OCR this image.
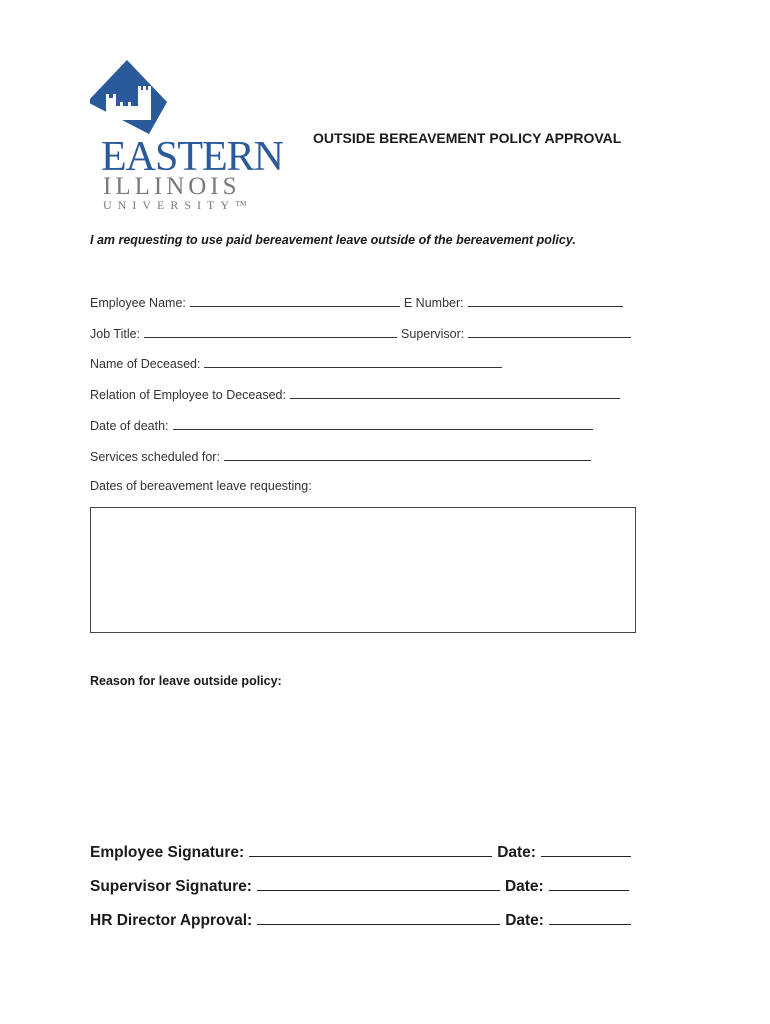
EASTERN
ILLINOIS
UNIVERSITY™
OUTSIDE BEREAVEMENT POLICY APPROVAL
I am requesting to use paid bereavement leave outside of the bereavement policy.
Employee Name:	E Number:
Job Title:	Supervisor:
Name of Deceased:
Relation of Employee to Deceased:
Date of death:
Services scheduled for:
Dates of bereavement leave requesting:
Reason for leave outside policy:
Employee Signature:	Date:
Supervisor Signature:	Date:
HR Director Approval:	Date:
